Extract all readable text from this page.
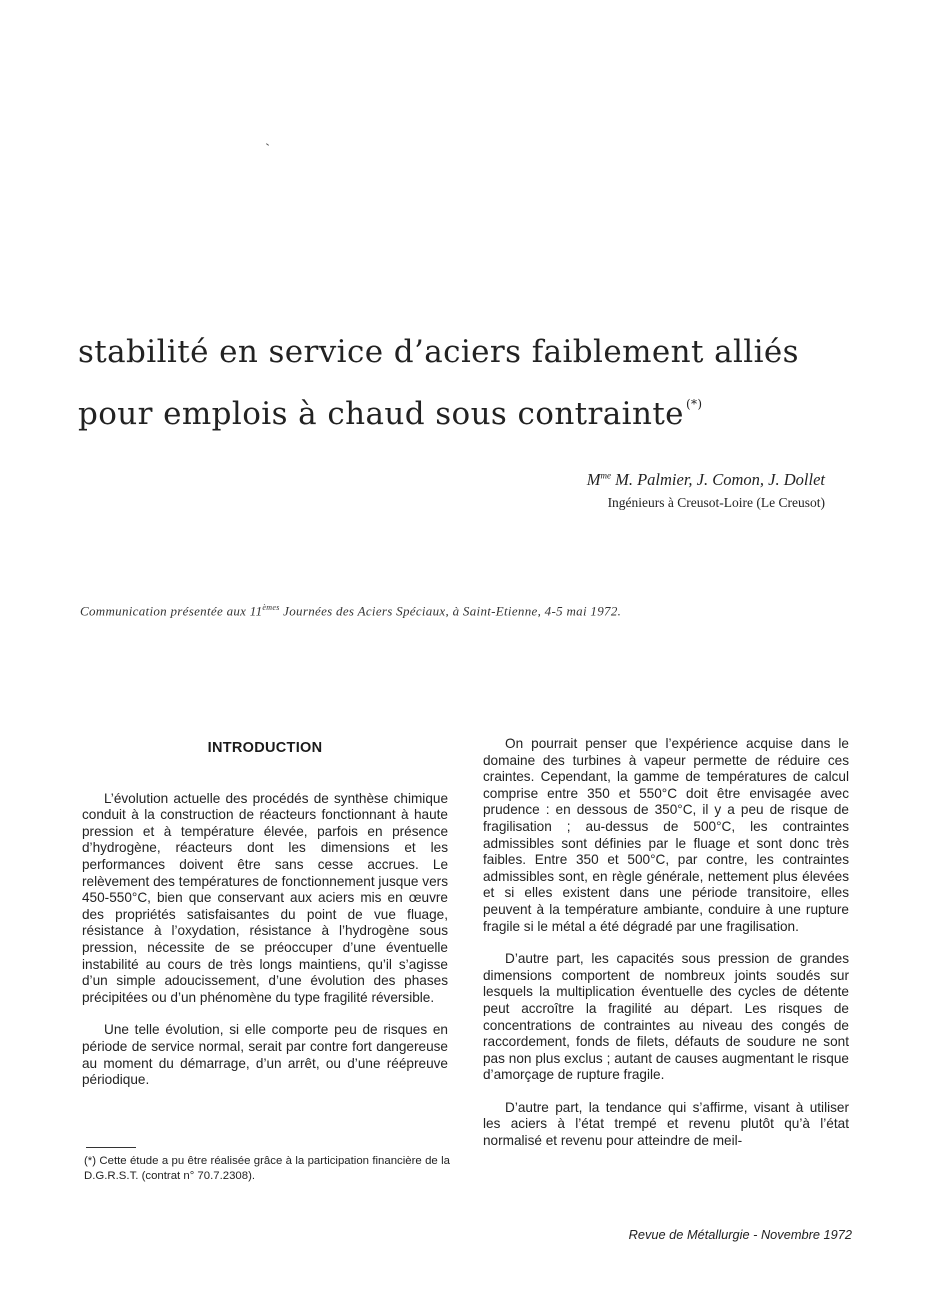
stabilité en service d’aciers faiblement alliés
pour emplois à chaud sous contrainte (*)
$M^{me}$ M. Palmier, J. Comon, J. Dollet
Ingénieurs à Creusot-Loire (Le Creusot)
Communication présentée aux 11èmes Journées des Aciers Spéciaux, à Saint-Etienne, 4-5 mai 1972.
INTRODUCTION

L’évolution actuelle des procédés de synthèse chimique conduit à la construction de réacteurs fonctionnant à haute pression et à température élevée, parfois en présence d’hydrogène, réacteurs dont les dimensions et les performances doivent être sans cesse accrues. Le relèvement des températures de fonctionnement jusque vers 450-550°C, bien que conservant aux aciers mis en œuvre des propriétés satisfaisantes du point de vue fluage, résistance à l’oxydation, résistance à l’hydrogène sous pression, nécessite de se préoccuper d’une éventuelle instabilité au cours de très longs maintiens, qu’il s’agisse d’un simple adoucissement, d’une évolution des phases précipitées ou d’un phénomène du type fragilité réversible.

Une telle évolution, si elle comporte peu de risques en période de service normal, serait par contre fort dangereuse au moment du démarrage, d’un arrêt, ou d’une réépreuve périodique.

On pourrait penser que l’expérience acquise dans le domaine des turbines à vapeur permette de réduire ces craintes. Cependant, la gamme de températures de calcul comprise entre 350 et 550°C doit être envisagée avec prudence : en dessous de 350°C, il y a peu de risque de fragilisation ; au-dessus de 500°C, les contraintes admissibles sont définies par le fluage et sont donc très faibles. Entre 350 et 500°C, par contre, les contraintes admissibles sont, en règle générale, nettement plus élevées et si elles existent dans une période transitoire, elles peuvent à la température ambiante, conduire à une rupture fragile si le métal a été dégradé par une fragilisation.

D’autre part, les capacités sous pression de grandes dimensions comportent de nombreux joints soudés sur lesquels la multiplication éventuelle des cycles de détente peut accroître la fragilité au départ. Les risques de concentrations de contraintes au niveau des congés de raccordement, fonds de filets, défauts de soudure ne sont pas non plus exclus ; autant de causes augmentant le risque d’amorçage de rupture fragile.

D’autre part, la tendance qui s’affirme, visant à utiliser les aciers à l’état trempé et revenu plutôt qu’à l’état normalisé et revenu pour atteindre de meil-

(*) Cette étude a pu être réalisée grâce à la participation financière de la D.G.R.S.T. (contrat n° 70.7.2308).
Revue de Métallurgie - Novembre 1972
